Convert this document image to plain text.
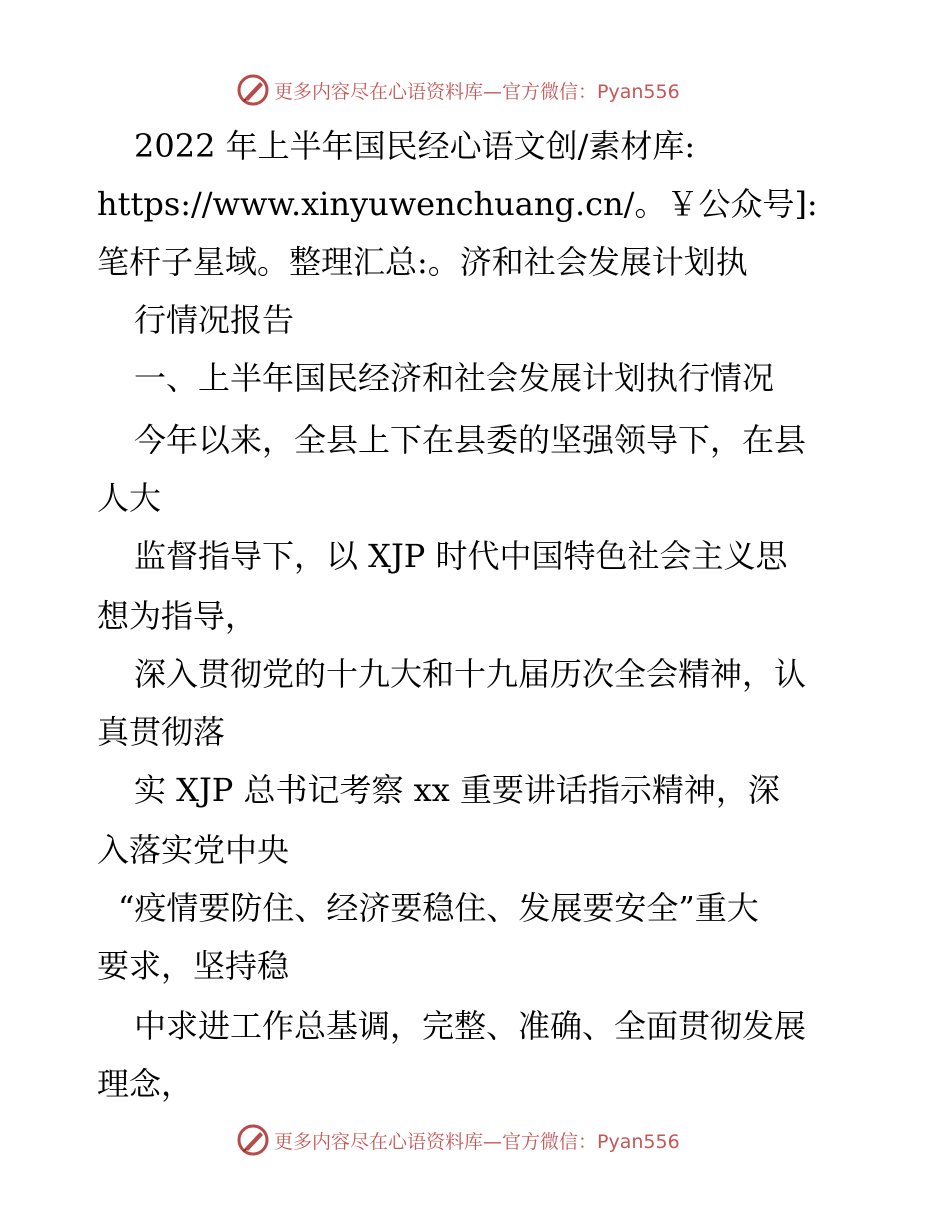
更多内容尽在心语资料库—官方微信：Pyan556
2022 年上半年国民经心语文创/素材库:
https://www.xinyuwenchuang.cn/。￥公众号]:
笔杆子星域。整理汇总:。济和社会发展计划执
行情况报告
一、上半年国民经济和社会发展计划执行情况
今年以来，全县上下在县委的坚强领导下，在县
人大
监督指导下，以 XJP 时代中国特色社会主义思
想为指导，
深入贯彻党的十九大和十九届历次全会精神，认
真贯彻落
实 XJP 总书记考察 xx 重要讲话指示精神，深
入落实党中央
“疫情要防住、经济要稳住、发展要安全”重大
要求，坚持稳
中求进工作总基调，完整、准确、全面贯彻发展
理念，
更多内容尽在心语资料库—官方微信：Pyan556
